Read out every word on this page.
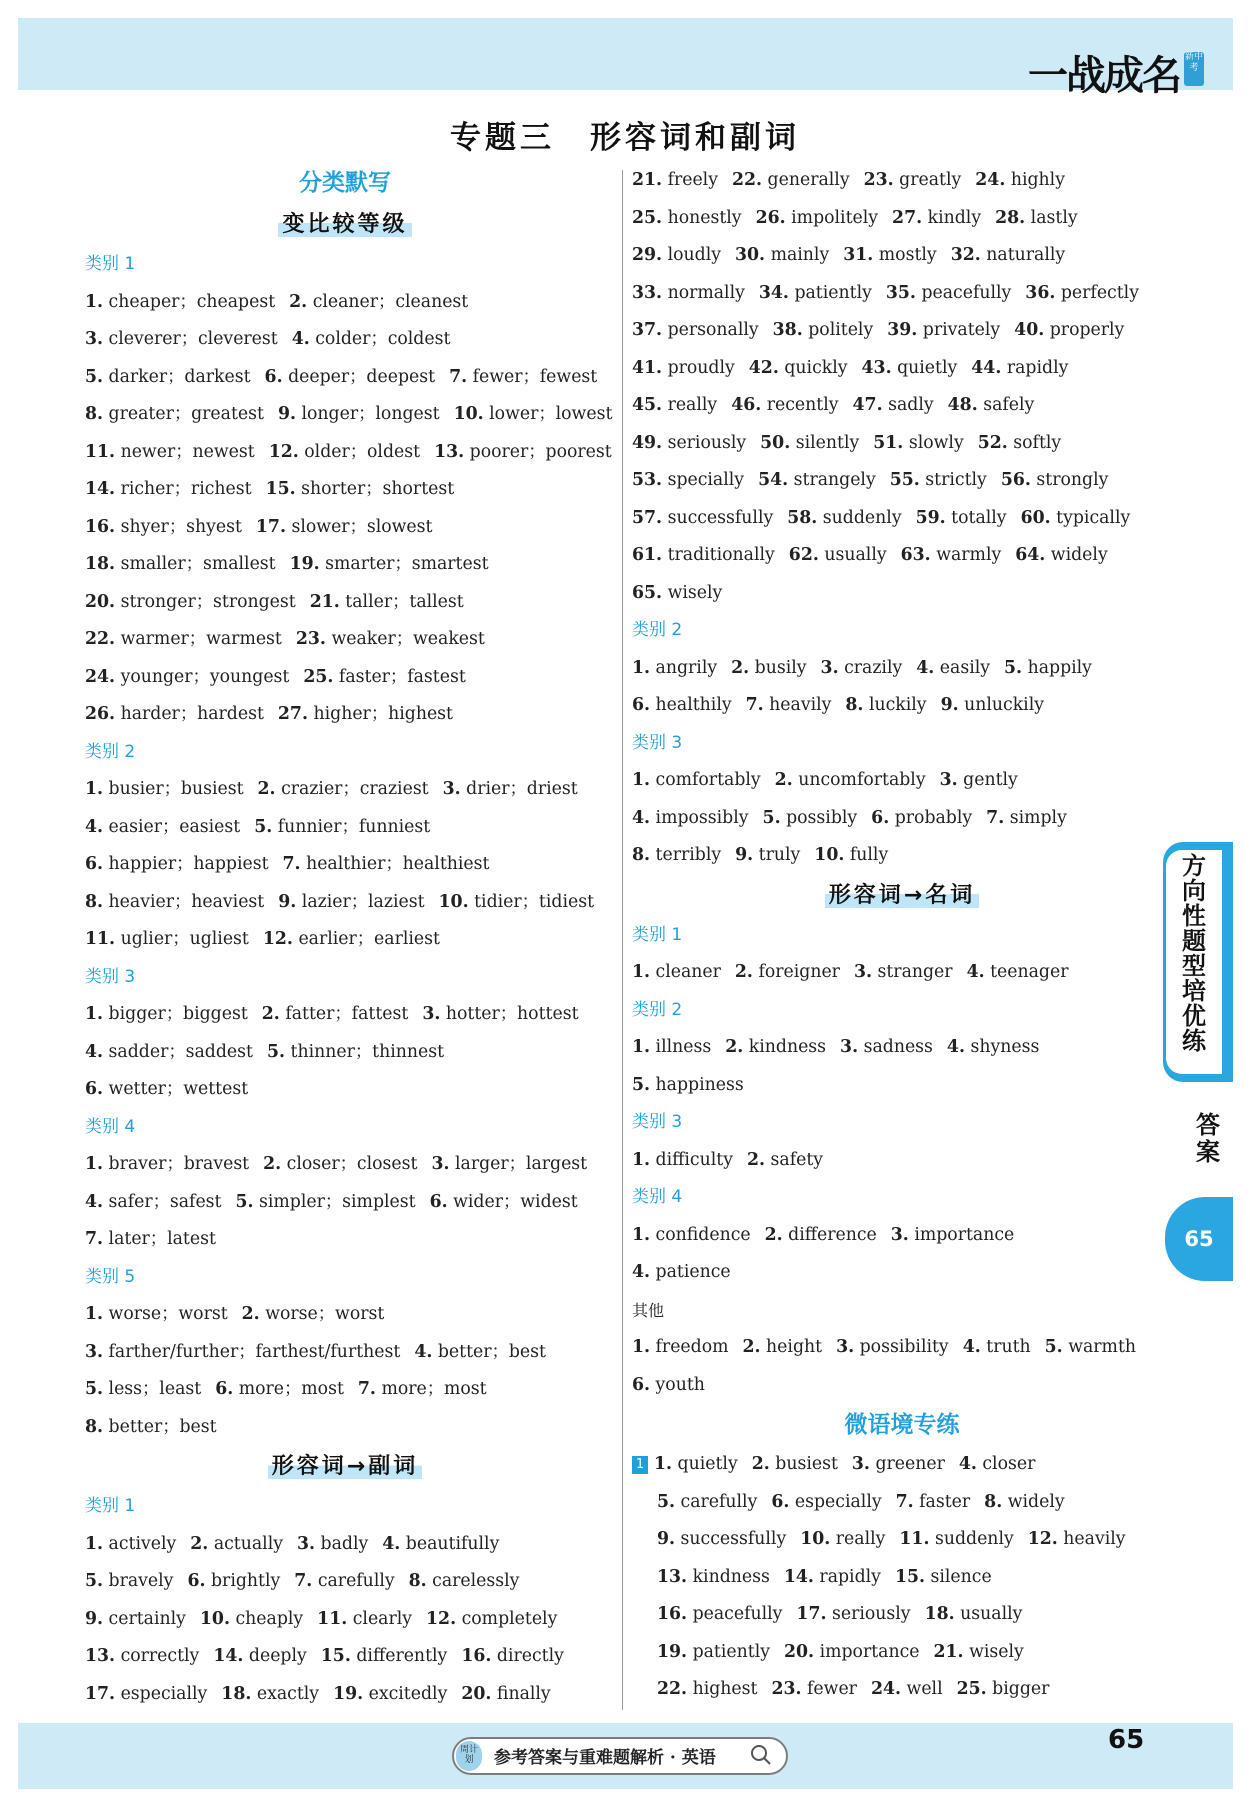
一战成名 新中考
专题三　形容词和副词
分类默写
变比较等级
类别 1
1. cheaper；cheapest 2. cleaner；cleanest
3. cleverer；cleverest 4. colder；coldest
5. darker；darkest 6. deeper；deepest 7. fewer；fewest
8. greater；greatest 9. longer；longest 10. lower；lowest
11. newer；newest 12. older；oldest 13. poorer；poorest
14. richer；richest 15. shorter；shortest
16. shyer；shyest 17. slower；slowest
18. smaller；smallest 19. smarter；smartest
20. stronger；strongest 21. taller；tallest
22. warmer；warmest 23. weaker；weakest
24. younger；youngest 25. faster；fastest
26. harder；hardest 27. higher；highest
类别 2
1. busier；busiest 2. crazier；craziest 3. drier；driest
4. easier；easiest 5. funnier；funniest
6. happier；happiest 7. healthier；healthiest
8. heavier；heaviest 9. lazier；laziest 10. tidier；tidiest
11. uglier；ugliest 12. earlier；earliest
类别 3
1. bigger；biggest 2. fatter；fattest 3. hotter；hottest
4. sadder；saddest 5. thinner；thinnest
6. wetter；wettest
类别 4
1. braver；bravest 2. closer；closest 3. larger；largest
4. safer；safest 5. simpler；simplest 6. wider；widest
7. later；latest
类别 5
1. worse；worst 2. worse；worst
3. farther/further；farthest/furthest 4. better；best
5. less；least 6. more；most 7. more；most
8. better；best
形容词→副词
类别 1
1. actively 2. actually 3. badly 4. beautifully
5. bravely 6. brightly 7. carefully 8. carelessly
9. certainly 10. cheaply 11. clearly 12. completely
13. correctly 14. deeply 15. differently 16. directly
17. especially 18. exactly 19. excitedly 20. finally
21. freely 22. generally 23. greatly 24. highly
25. honestly 26. impolitely 27. kindly 28. lastly
29. loudly 30. mainly 31. mostly 32. naturally
33. normally 34. patiently 35. peacefully 36. perfectly
37. personally 38. politely 39. privately 40. properly
41. proudly 42. quickly 43. quietly 44. rapidly
45. really 46. recently 47. sadly 48. safely
49. seriously 50. silently 51. slowly 52. softly
53. specially 54. strangely 55. strictly 56. strongly
57. successfully 58. suddenly 59. totally 60. typically
61. traditionally 62. usually 63. warmly 64. widely
65. wisely
类别 2
1. angrily 2. busily 3. crazily 4. easily 5. happily
6. healthily 7. heavily 8. luckily 9. unluckily
类别 3
1. comfortably 2. uncomfortably 3. gently
4. impossibly 5. possibly 6. probably 7. simply
8. terribly 9. truly 10. fully
形容词→名词
类别 1
1. cleaner 2. foreigner 3. stranger 4. teenager
类别 2
1. illness 2. kindness 3. sadness 4. shyness
5. happiness
类别 3
1. difficulty 2. safety
类别 4
1. confidence 2. difference 3. importance
4. patience
其他
1. freedom 2. height 3. possibility 4. truth 5. warmth
6. youth
微语境专练
1 1. quietly 2. busiest 3. greener 4. closer
5. carefully 6. especially 7. faster 8. widely
9. successfully 10. really 11. suddenly 12. heavily
13. kindness 14. rapidly 15. silence
16. peacefully 17. seriously 18. usually
19. patiently 20. importance 21. wisely
22. highest 23. fewer 24. well 25. bigger
方
向
性
题
型
培
优
练
答
案
65
参考答案与重难题解析 · 英语
周计划
65
